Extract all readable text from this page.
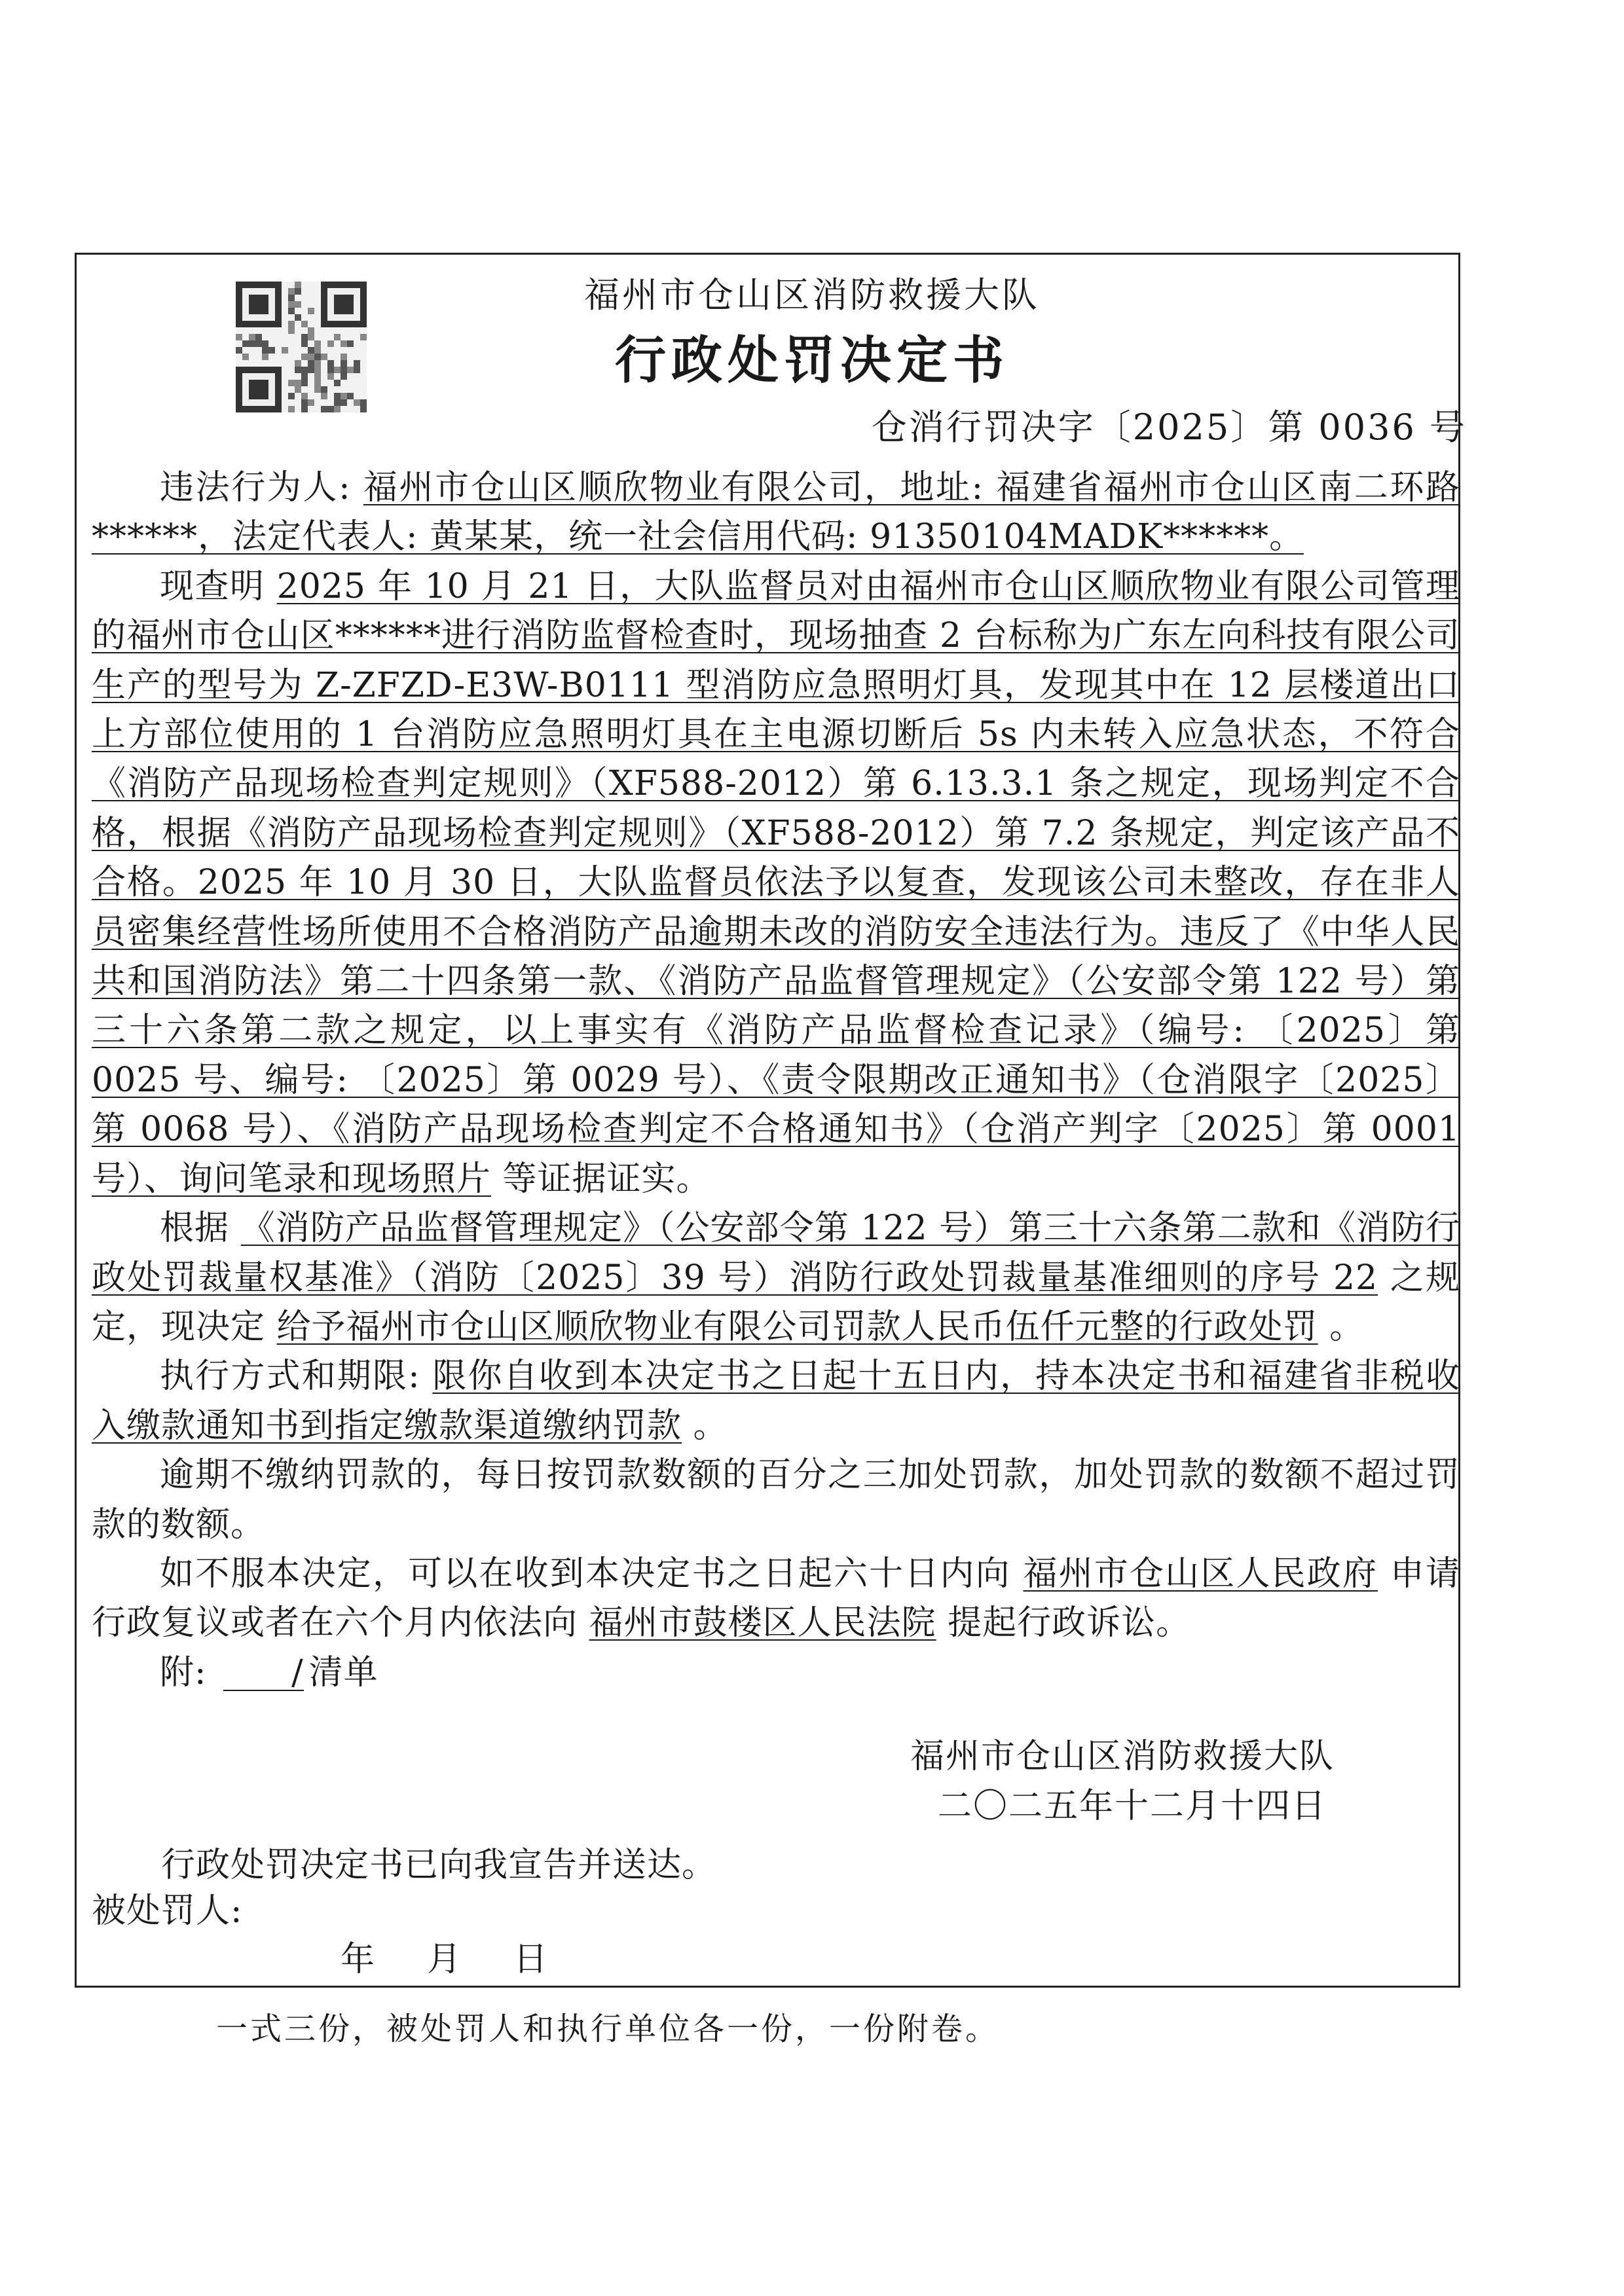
福州市仓山区消防救援大队
行政处罚决定书
仓消行罚决字〔2025〕第 0036 号

违法行为人: 福州市仓山区顺欣物业有限公司，地址: 福建省福州市仓山区南二环路******，法定代表人: 黄某某，统一社会信用代码: 91350104MADK******。

现查明 2025 年 10 月 21 日，大队监督员对由福州市仓山区顺欣物业有限公司管理的福州市仓山区******进行消防监督检查时，现场抽查 2 台标称为广东左向科技有限公司生产的型号为 Z-ZFZD-E3W-B0111 型消防应急照明灯具，发现其中在 12 层楼道出口上方部位使用的 1 台消防应急照明灯具在主电源切断后 5s 内未转入应急状态，不符合《消防产品现场检查判定规则》（XF588-2012）第 6.13.3.1 条之规定，现场判定不合格，根据《消防产品现场检查判定规则》（XF588-2012）第 7.2 条规定，判定该产品不合格。2025 年 10 月 30 日，大队监督员依法予以复查，发现该公司未整改，存在非人员密集经营性场所使用不合格消防产品逾期未改的消防安全违法行为。违反了《中华人民共和国消防法》第二十四条第一款、《消防产品监督管理规定》（公安部令第 122 号）第三十六条第二款之规定，以上事实有《消防产品监督检查记录》（编号: 〔2025〕第 0025 号、编号: 〔2025〕第 0029 号）、《责令限期改正通知书》（仓消限字〔2025〕第 0068 号）、《消防产品现场检查判定不合格通知书》（仓消产判字〔2025〕第 0001 号）、询问笔录和现场照片 等证据证实。

根据 《消防产品监督管理规定》（公安部令第 122 号）第三十六条第二款和《消防行政处罚裁量权基准》（消防〔2025〕39 号）消防行政处罚裁量基准细则的序号 22 之规定，现决定 给予福州市仓山区顺欣物业有限公司罚款人民币伍仟元整的行政处罚 。

执行方式和期限: 限你自收到本决定书之日起十五日内，持本决定书和福建省非税收入缴款通知书到指定缴款渠道缴纳罚款 。

逾期不缴纳罚款的，每日按罚款数额的百分之三加处罚款，加处罚款的数额不超过罚款的数额。

如不服本决定，可以在收到本决定书之日起六十日内向 福州市仓山区人民政府 申请行政复议或者在六个月内依法向 福州市鼓楼区人民法院 提起行政诉讼。

附: / 清单

福州市仓山区消防救援大队
二〇二五年十二月十四日
行政处罚决定书已向我宣告并送达。
被处罚人:
年 月 日
一式三份，被处罚人和执行单位各一份，一份附卷。
